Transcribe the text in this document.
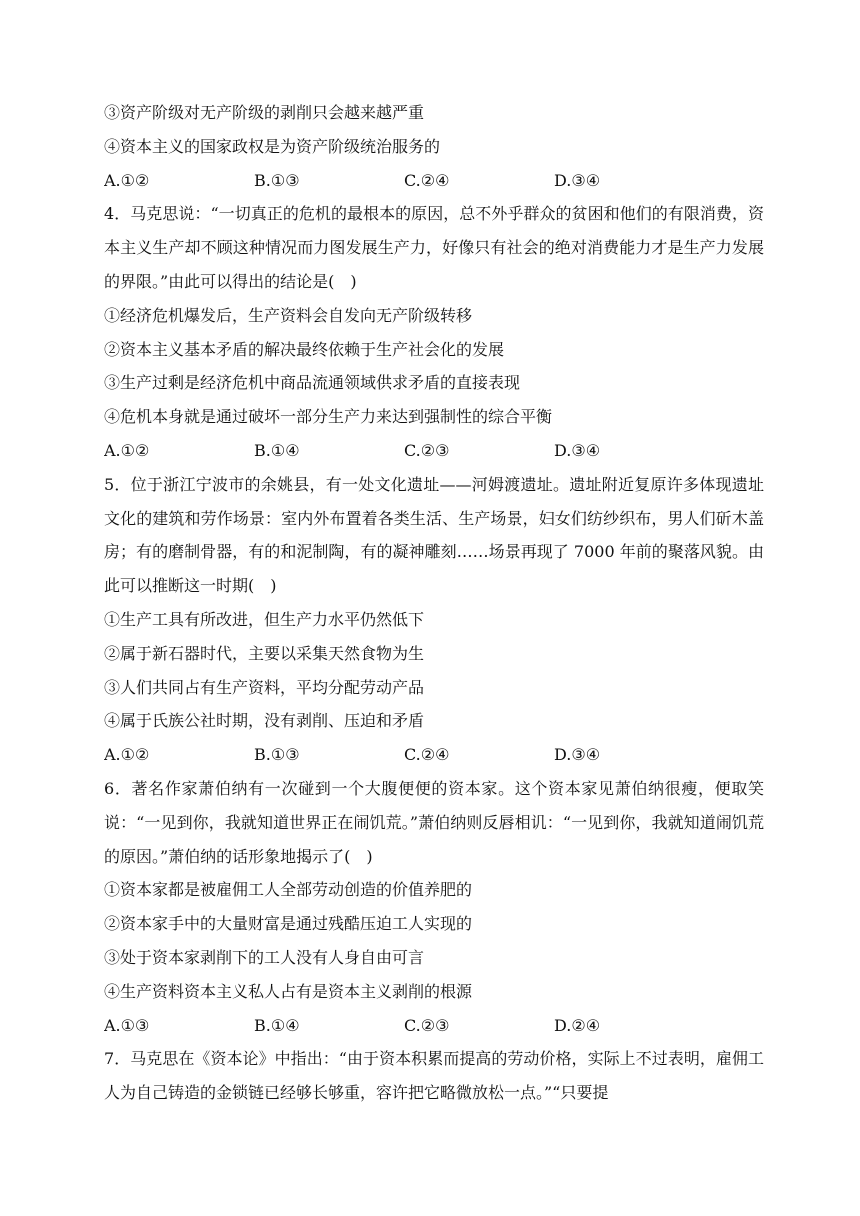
③资产阶级对无产阶级的剥削只会越来越严重
④资本主义的国家政权是为资产阶级统治服务的
A.①②	B.①③	C.②④	D.③④
4．马克思说：“一切真正的危机的最根本的原因，总不外乎群众的贫困和他们的有限消费，资本主义生产却不顾这种情况而力图发展生产力，好像只有社会的绝对消费能力才是生产力发展的界限。”由此可以得出的结论是(　)
①经济危机爆发后，生产资料会自发向无产阶级转移
②资本主义基本矛盾的解决最终依赖于生产社会化的发展
③生产过剩是经济危机中商品流通领域供求矛盾的直接表现
④危机本身就是通过破坏一部分生产力来达到强制性的综合平衡
A.①②	B.①④	C.②③	D.③④
5．位于浙江宁波市的余姚县，有一处文化遗址——河姆渡遗址。遗址附近复原许多体现遗址文化的建筑和劳作场景：室内外布置着各类生活、生产场景，妇女们纺纱织布，男人们斫木盖房；有的磨制骨器，有的和泥制陶，有的凝神雕刻……场景再现了 7000 年前的聚落风貌。由此可以推断这一时期(　)
①生产工具有所改进，但生产力水平仍然低下
②属于新石器时代，主要以采集天然食物为生
③人们共同占有生产资料，平均分配劳动产品
④属于氏族公社时期，没有剥削、压迫和矛盾
A.①②	B.①③	C.②④	D.③④
6．著名作家萧伯纳有一次碰到一个大腹便便的资本家。这个资本家见萧伯纳很瘦，便取笑说：“一见到你，我就知道世界正在闹饥荒。”萧伯纳则反唇相讥：“一见到你，我就知道闹饥荒的原因。”萧伯纳的话形象地揭示了(　)
①资本家都是被雇佣工人全部劳动创造的价值养肥的
②资本家手中的大量财富是通过残酷压迫工人实现的
③处于资本家剥削下的工人没有人身自由可言
④生产资料资本主义私人占有是资本主义剥削的根源
A.①③	B.①④	C.②③	D.②④
7．马克思在《资本论》中指出：“由于资本积累而提高的劳动价格，实际上不过表明，雇佣工人为自己铸造的金锁链已经够长够重，容许把它略微放松一点。”“只要提
